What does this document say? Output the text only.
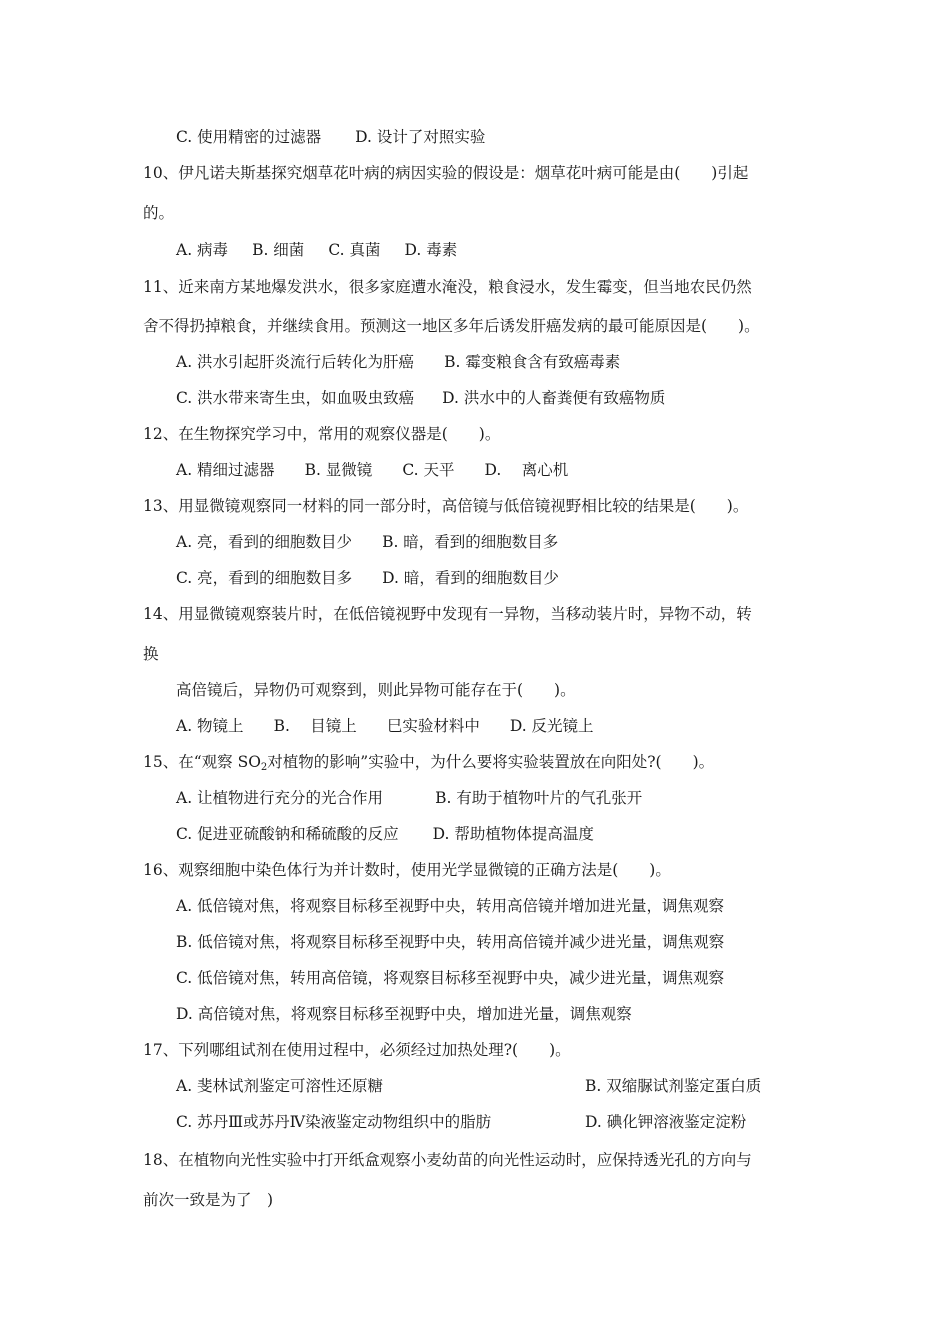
C. 使用精密的过滤器 D. 设计了对照实验
10、伊凡诺夫斯基探究烟草花叶病的病因实验的假设是：烟草花叶病可能是由(　　)引起
的。
A. 病毒 B. 细菌 C. 真菌 D. 毒素
11、近来南方某地爆发洪水，很多家庭遭水淹没，粮食浸水，发生霉变，但当地农民仍然
舍不得扔掉粮食，并继续食用。预测这一地区多年后诱发肝癌发病的最可能原因是(　　)。
A. 洪水引起肝炎流行后转化为肝癌 B. 霉变粮食含有致癌毒素
C. 洪水带来寄生虫，如血吸虫致癌 D. 洪水中的人畜粪便有致癌物质
12、在生物探究学习中，常用的观察仪器是(　　)。
A. 精细过滤器 B. 显微镜 C. 天平 D.　 离心机
13、用显微镜观察同一材料的同一部分时，高倍镜与低倍镜视野相比较的结果是(　　)。
A. 亮，看到的细胞数目少 B. 暗，看到的细胞数目多
C. 亮，看到的细胞数目多 D. 暗，看到的细胞数目少
14、用显微镜观察装片时，在低倍镜视野中发现有一异物，当移动装片时，异物不动，转
换
高倍镜后，异物仍可观察到，则此异物可能存在于(　　)。
A. 物镜上 B.　 目镜上 巳实验材料中 D. 反光镜上
15、在“观察 $SO_2$对植物的影响”实验中，为什么要将实验装置放在向阳处?(　　)。
A. 让植物进行充分的光合作用	B. 有助于植物叶片的气孔张开
C. 促进亚硫酸钠和稀硫酸的反应 D. 帮助植物体提高温度
16、观察细胞中染色体行为并计数时，使用光学显微镜的正确方法是(　　)。
A. 低倍镜对焦，将观察目标移至视野中央，转用高倍镜并增加进光量，调焦观察
B. 低倍镜对焦，将观察目标移至视野中央，转用高倍镜并减少进光量，调焦观察
C. 低倍镜对焦，转用高倍镜，将观察目标移至视野中央，减少进光量，调焦观察
D. 高倍镜对焦，将观察目标移至视野中央，增加进光量，调焦观察
17、下列哪组试剂在使用过程中，必须经过加热处理?(　　)。
A. 斐林试剂鉴定可溶性还原糖	B. 双缩脲试剂鉴定蛋白质
C. 苏丹Ⅲ或苏丹Ⅳ染液鉴定动物组织中的脂肪	D. 碘化钾溶液鉴定淀粉
18、在植物向光性实验中打开纸盒观察小麦幼苗的向光性运动时，应保持透光孔的方向与
前次一致是为了　)
